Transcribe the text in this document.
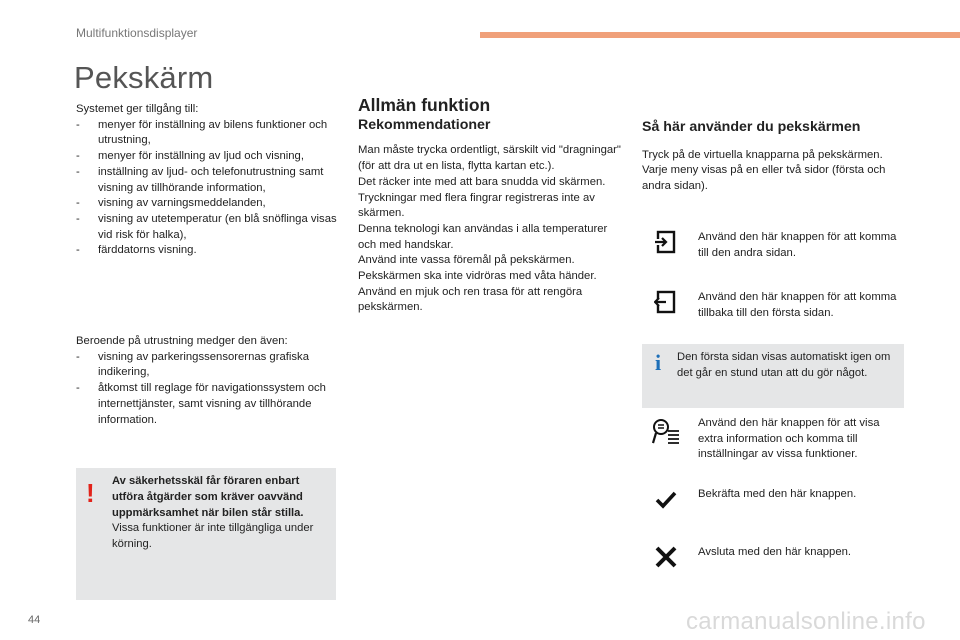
Multifunktionsdisplayer
Pekskärm
Systemet ger tillgång till:
- menyer för inställning av bilens funktioner och utrustning,
- menyer för inställning av ljud och visning,
- inställning av ljud- och telefonutrustning samt visning av tillhörande information,
- visning av varningsmeddelanden,
- visning av utetemperatur (en blå snöflinga visas vid risk för halka),
- färddatorns visning.
Beroende på utrustning medger den även:
- visning av parkeringssensorernas grafiska indikering,
- åtkomst till reglage för navigationssystem och internettjänster, samt visning av tillhörande information.
! Av säkerhetsskäl får föraren enbart utföra åtgärder som kräver oavvänd uppmärksamhet när bilen står stilla.
Vissa funktioner är inte tillgängliga under körning.
Allmän funktion
Rekommendationer
Man måste trycka ordentligt, särskilt vid "dragningar" (för att dra ut en lista, flytta kartan etc.).
Det räcker inte med att bara snudda vid skärmen.
Tryckningar med flera fingrar registreras inte av skärmen.
Denna teknologi kan användas i alla temperaturer och med handskar.
Använd inte vassa föremål på pekskärmen.
Pekskärmen ska inte vidröras med våta händer.
Använd en mjuk och ren trasa för att rengöra pekskärmen.
Så här använder du pekskärmen
Tryck på de virtuella knapparna på pekskärmen.
Varje meny visas på en eller två sidor (första och andra sidan).
Använd den här knappen för att komma till den andra sidan.
Använd den här knappen för att komma tillbaka till den första sidan.
i Den första sidan visas automatiskt igen om det går en stund utan att du gör något.
Använd den här knappen för att visa extra information och komma till inställningar av vissa funktioner.
Bekräfta med den här knappen.
Avsluta med den här knappen.
44	carmanualsonline.info
